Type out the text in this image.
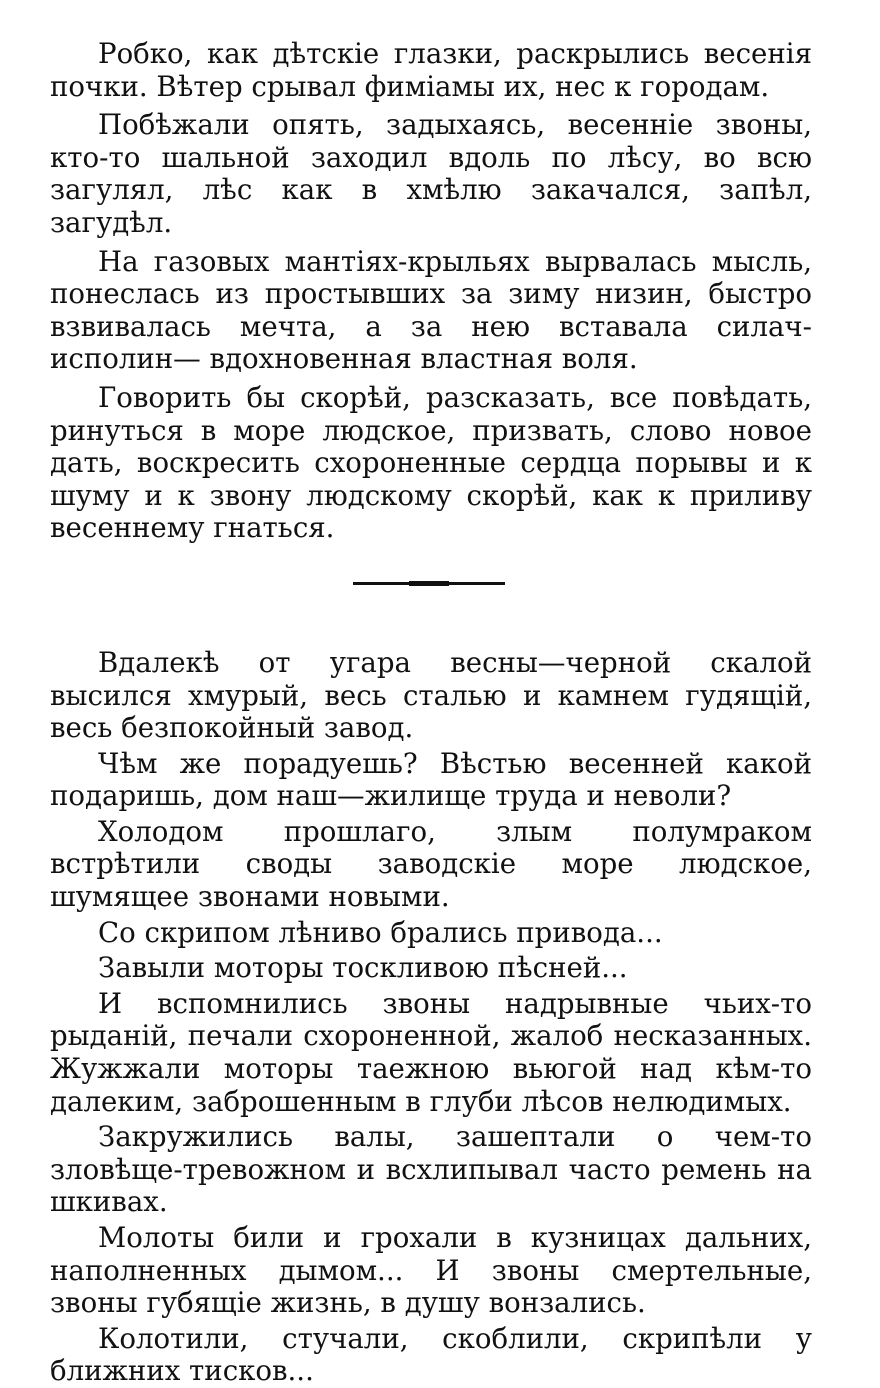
Робко, как дѣтскіе глазки, раскрылись весенія почки. Вѣтер срывал фиміамы их, нес к городам.

Побѣжали опять, задыхаясь, весенніе звоны, кто-то шальной заходил вдоль по лѣсу, во всю загулял, лѣс как в хмѣлю закачался, запѣл, загудѣл.

На газовых мантіях-крыльях вырвалась мысль, понеслась из простывших за зиму низин, быстро взвивалась мечта, а за нею вставала силач-исполин— вдохновенная властная воля.

Говорить бы скорѣй, разсказать, все повѣдать, ринуться в море людское, призвать, слово новое дать, воскресить схороненные сердца порывы и к шуму и к звону людскому скорѣй, как к приливу весеннему гнаться.

Вдалекѣ от угара весны—черной скалой высился хмурый, весь сталью и камнем гудящій, весь безпокойный завод.

Чѣм же порадуешь? Вѣстью весенней какой подаришь, дом наш—жилище труда и неволи?

Холодом прошлаго, злым полумраком встрѣтили своды заводскіе море людское, шумящее звонами новыми.

Со скрипом лѣниво брались привода...

Завыли моторы тоскливою пѣсней...

И вспомнились звоны надрывные чьих-то рыданій, печали схороненной, жалоб несказанных. Жужжали моторы таежною вьюгой над кѣм-то далеким, заброшенным в глуби лѣсов нелюдимых.

Закружились валы, зашептали о чем-то зловѣще-тревожном и всхлипывал часто ремень на шкивах.

Молоты били и грохали в кузницах дальних, наполненных дымом... И звоны смертельные, звоны губящіе жизнь, в душу вонзались.

Колотили, стучали, скоблили, скрипѣли у ближних тисков...
